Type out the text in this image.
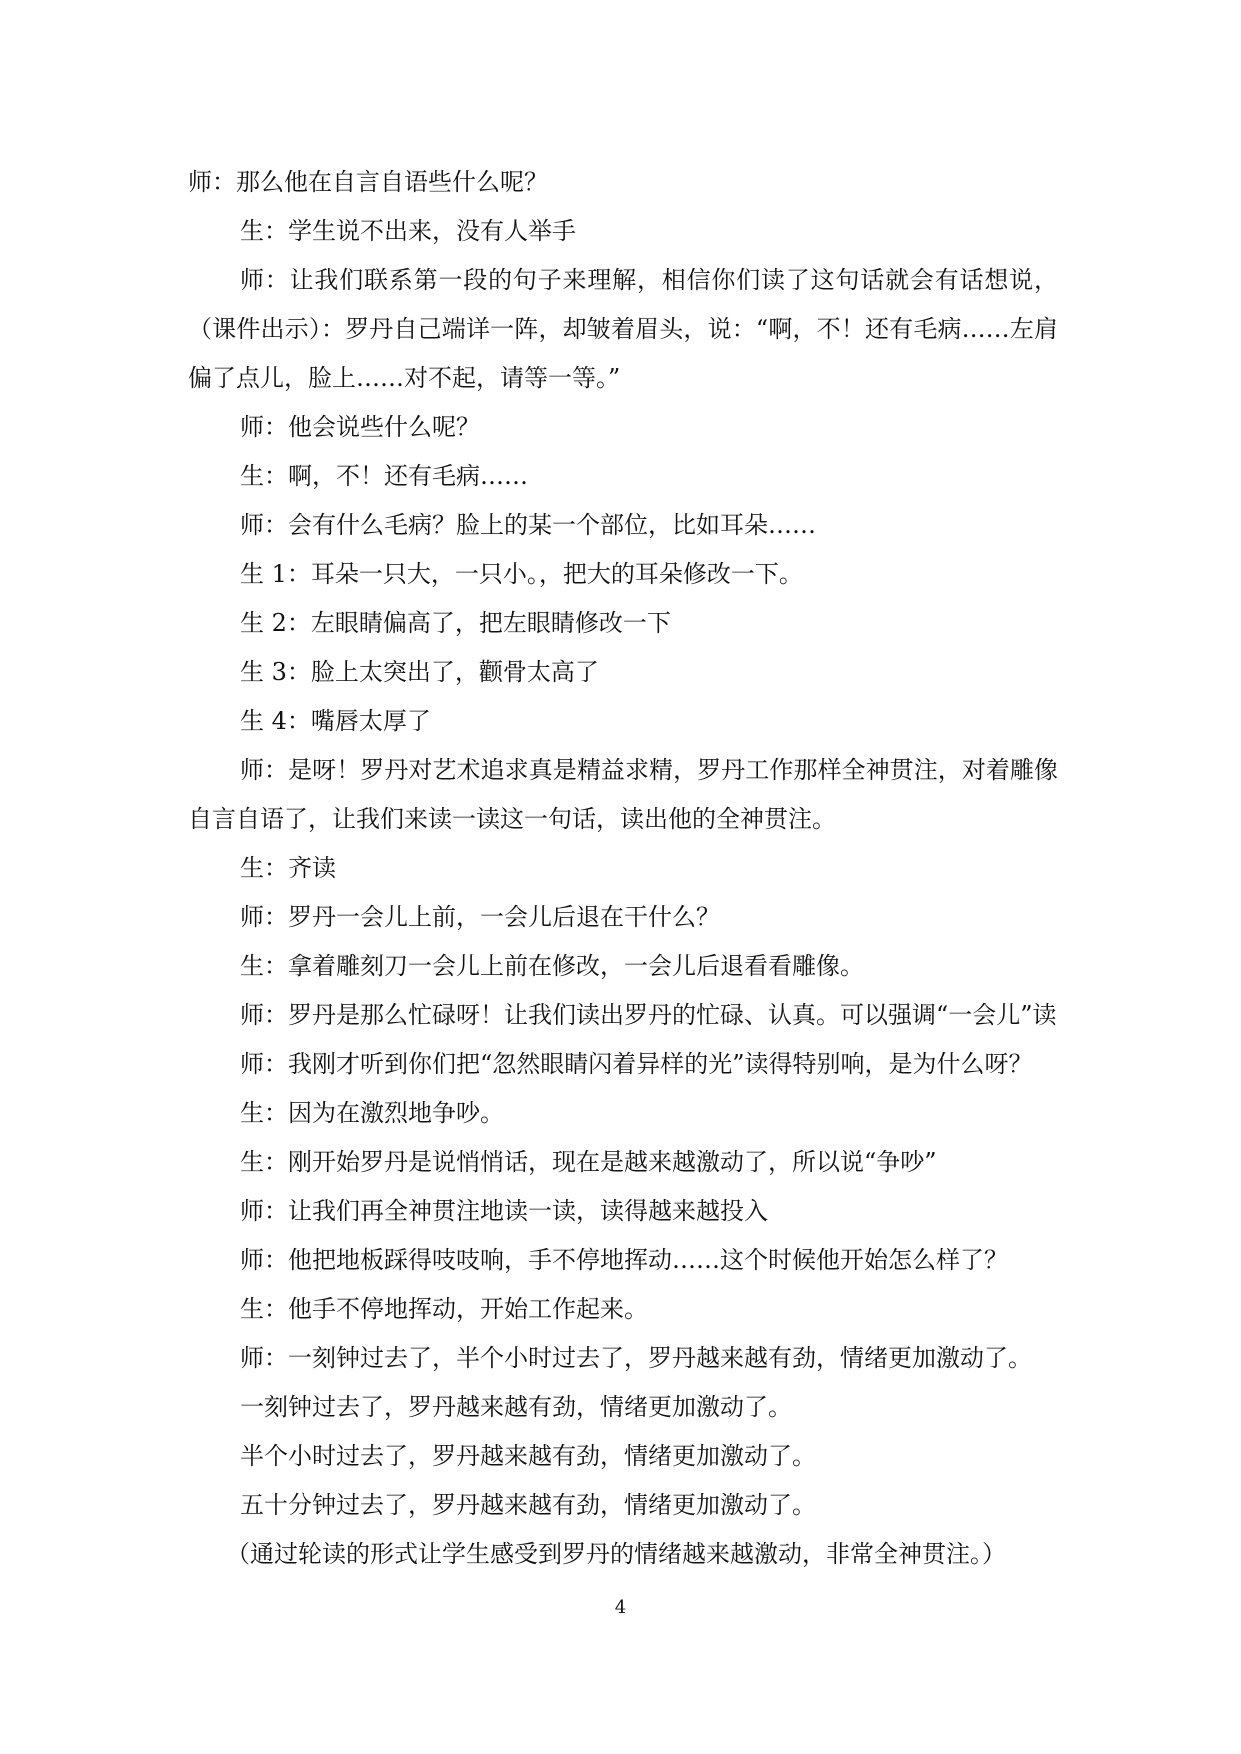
师：那么他在自言自语些什么呢？

生：学生说不出来，没有人举手

师：让我们联系第一段的句子来理解，相信你们读了这句话就会有话想说，（课件出示）：罗丹自己端详一阵，却皱着眉头，说：“啊，不！还有毛病……左肩偏了点儿，脸上……对不起，请等一等。”

师：他会说些什么呢？

生：啊，不！还有毛病……

师：会有什么毛病？脸上的某一个部位，比如耳朵……

生 1：耳朵一只大，一只小。，把大的耳朵修改一下。

生 2：左眼睛偏高了，把左眼睛修改一下

生 3：脸上太突出了，颧骨太高了

生 4：嘴唇太厚了

师：是呀！罗丹对艺术追求真是精益求精，罗丹工作那样全神贯注，对着雕像自言自语了，让我们来读一读这一句话，读出他的全神贯注。

生：齐读

师：罗丹一会儿上前，一会儿后退在干什么？

生：拿着雕刻刀一会儿上前在修改，一会儿后退看看雕像。

师：罗丹是那么忙碌呀！让我们读出罗丹的忙碌、认真。可以强调“一会儿”读

师：我刚才听到你们把“忽然眼睛闪着异样的光”读得特别响，是为什么呀？

生：因为在激烈地争吵。

生：刚开始罗丹是说悄悄话，现在是越来越激动了，所以说“争吵”

师：让我们再全神贯注地读一读，读得越来越投入

师：他把地板踩得吱吱响，手不停地挥动……这个时候他开始怎么样了？

生：他手不停地挥动，开始工作起来。

师：一刻钟过去了，半个小时过去了，罗丹越来越有劲，情绪更加激动了。

一刻钟过去了，罗丹越来越有劲，情绪更加激动了。

半个小时过去了，罗丹越来越有劲，情绪更加激动了。

五十分钟过去了，罗丹越来越有劲，情绪更加激动了。

（通过轮读的形式让学生感受到罗丹的情绪越来越激动，非常全神贯注。）

4
